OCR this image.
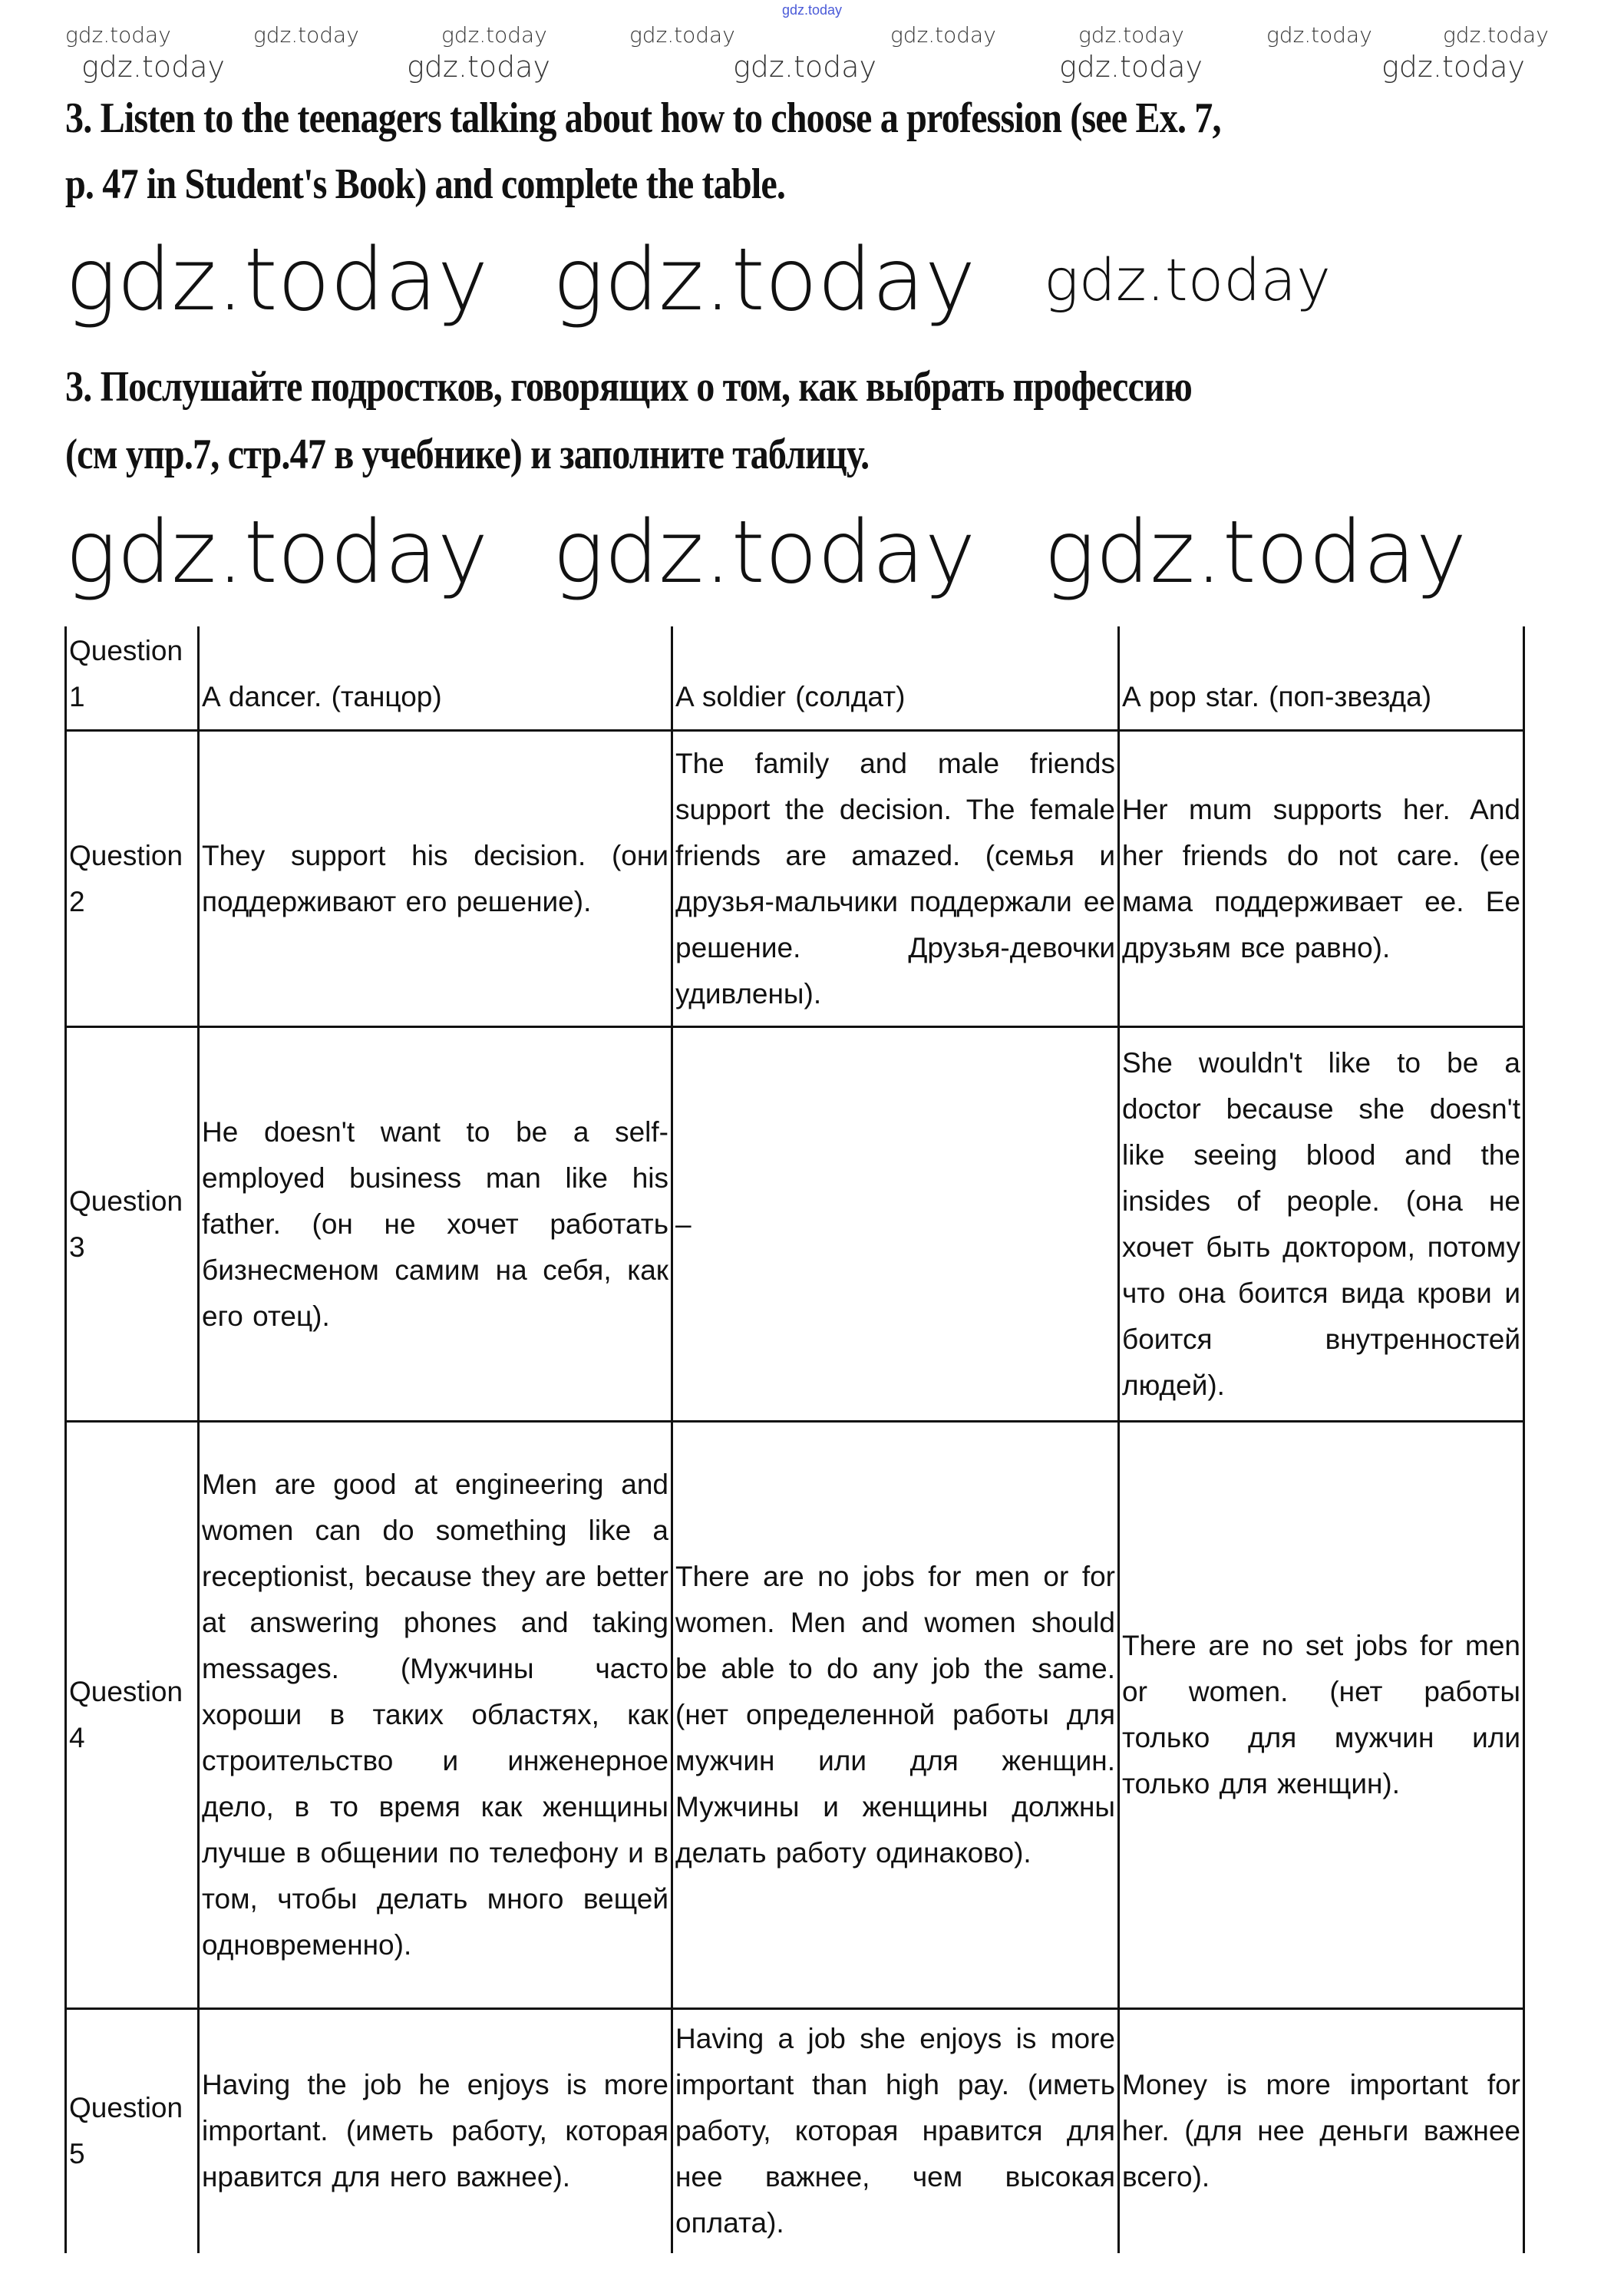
gdz.today
3. Listen to the teenagers talking about how to choose a profession (see Ex. 7,
p. 47 in Student's Book) and complete the table.
3. Послушайте подростков, говорящих о том, как выбрать профессию
(см упр.7, стр.47 в учебнике) и заполните таблицу.
Question 1	A dancer. (танцор)	A soldier (солдат)	A pop star. (поп-звезда)
Question 2	They support his decision. (они поддерживают его решение).	The family and male friends support the decision. The female friends are amazed. (семья и друзья-мальчики поддержали ее решение. Друзья-девочки удивлены).	Her mum supports her. And her friends do not care. (ее мама поддерживает ее. Ее друзьям все равно).
Question 3	He doesn't want to be a self-employed business man like his father. (он не хочет работать бизнесменом самим на себя, как его отец).	–	She wouldn't like to be a doctor because she doesn't like seeing blood and the insides of people. (она не хочет быть доктором, потому что она боится вида крови и боится внутренностей людей).
Question 4	Men are good at engineering and women can do something like a receptionist, because they are better at answering phones and taking messages. (Мужчины часто хороши в таких областях, как строительство и инженерное дело, в то время как женщины лучше в общении по телефону и в том, чтобы делать много вещей одновременно).	There are no jobs for men or for women. Men and women should be able to do any job the same. (нет определенной работы для мужчин или для женщин. Мужчины и женщины должны делать работу одинаково).	There are no set jobs for men or women. (нет работы только для мужчин или только для женщин).
Question 5	Having the job he enjoys is more important. (иметь работу, которая нравится для него важнее).	Having a job she enjoys is more important than high pay. (иметь работу, которая нравится для нее важнее, чем высокая оплата).	Money is more important for her. (для нее деньги важнее всего).
gdz.today	gdz.today	gdz.today	gdz.today	gdz.today	gdz.today	gdz.today	gdz.today
gdz.today	gdz.today	gdz.today	gdz.today	gdz.today
gdz.today gdz.today gdz.today
gdz.today gdz.today gdz.today
